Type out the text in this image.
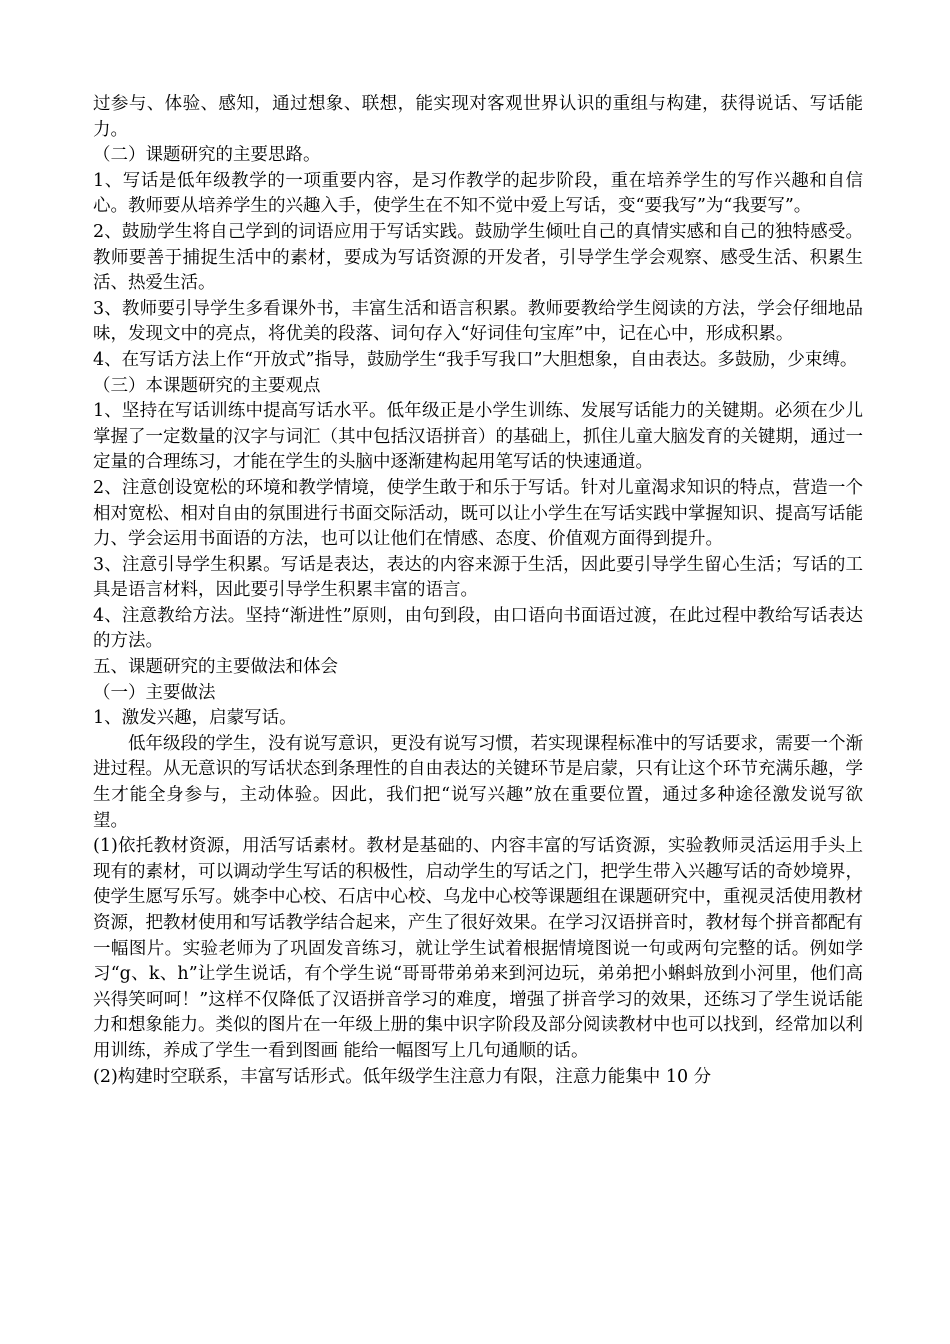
过参与、体验、感知，通过想象、联想，能实现对客观世界认识的重组与构建，获得说话、写话能力。

（二）课题研究的主要思路。

1、写话是低年级教学的一项重要内容，是习作教学的起步阶段，重在培养学生的写作兴趣和自信心。教师要从培养学生的兴趣入手，使学生在不知不觉中爱上写话，变“要我写”为“我要写”。

2、鼓励学生将自己学到的词语应用于写话实践。鼓励学生倾吐自己的真情实感和自己的独特感受。教师要善于捕捉生活中的素材，要成为写话资源的开发者，引导学生学会观察、感受生活、积累生活、热爱生活。

3、教师要引导学生多看课外书，丰富生活和语言积累。教师要教给学生阅读的方法，学会仔细地品味，发现文中的亮点，将优美的段落、词句存入“好词佳句宝库”中，记在心中，形成积累。

4、在写话方法上作“开放式”指导，鼓励学生“我手写我口”大胆想象，自由表达。多鼓励，少束缚。

（三）本课题研究的主要观点

1、坚持在写话训练中提高写话水平。低年级正是小学生训练、发展写话能力的关键期。必须在少儿掌握了一定数量的汉字与词汇（其中包括汉语拼音）的基础上，抓住儿童大脑发育的关键期，通过一定量的合理练习，才能在学生的头脑中逐渐建构起用笔写话的快速通道。

2、注意创设宽松的环境和教学情境，使学生敢于和乐于写话。针对儿童渴求知识的特点，营造一个相对宽松、相对自由的氛围进行书面交际活动，既可以让小学生在写话实践中掌握知识、提高写话能力、学会运用书面语的方法，也可以让他们在情感、态度、价值观方面得到提升。

3、注意引导学生积累。写话是表达，表达的内容来源于生活，因此要引导学生留心生活；写话的工具是语言材料，因此要引导学生积累丰富的语言。

4、注意教给方法。坚持“渐进性”原则，由句到段，由口语向书面语过渡，在此过程中教给写话表达的方法。

五、课题研究的主要做法和体会

（一）主要做法

1、激发兴趣，启蒙写话。

低年级段的学生，没有说写意识，更没有说写习惯，若实现课程标准中的写话要求，需要一个渐进过程。从无意识的写话状态到条理性的自由表达的关键环节是启蒙，只有让这个环节充满乐趣，学生才能全身参与，主动体验。因此，我们把“说写兴趣”放在重要位置，通过多种途径激发说写欲望。

(1)依托教材资源，用活写话素材。教材是基础的、内容丰富的写话资源，实验教师灵活运用手头上现有的素材，可以调动学生写话的积极性，启动学生的写话之门，把学生带入兴趣写话的奇妙境界，使学生愿写乐写。姚李中心校、石店中心校、乌龙中心校等课题组在课题研究中，重视灵活使用教材资源，把教材使用和写话教学结合起来，产生了很好效果。在学习汉语拼音时，教材每个拼音都配有一幅图片。实验老师为了巩固发音练习，就让学生试着根据情境图说一句或两句完整的话。例如学习“g、k、h”让学生说话，有个学生说“哥哥带弟弟来到河边玩，弟弟把小蝌蚪放到小河里，他们高兴得笑呵呵！”这样不仅降低了汉语拼音学习的难度，增强了拼音学习的效果，还练习了学生说话能力和想象能力。类似的图片在一年级上册的集中识字阶段及部分阅读教材中也可以找到，经常加以利用训练，养成了学生一看到图画 能给一幅图写上几句通顺的话。

(2)构建时空联系，丰富写话形式。低年级学生注意力有限，注意力能集中 10 分
